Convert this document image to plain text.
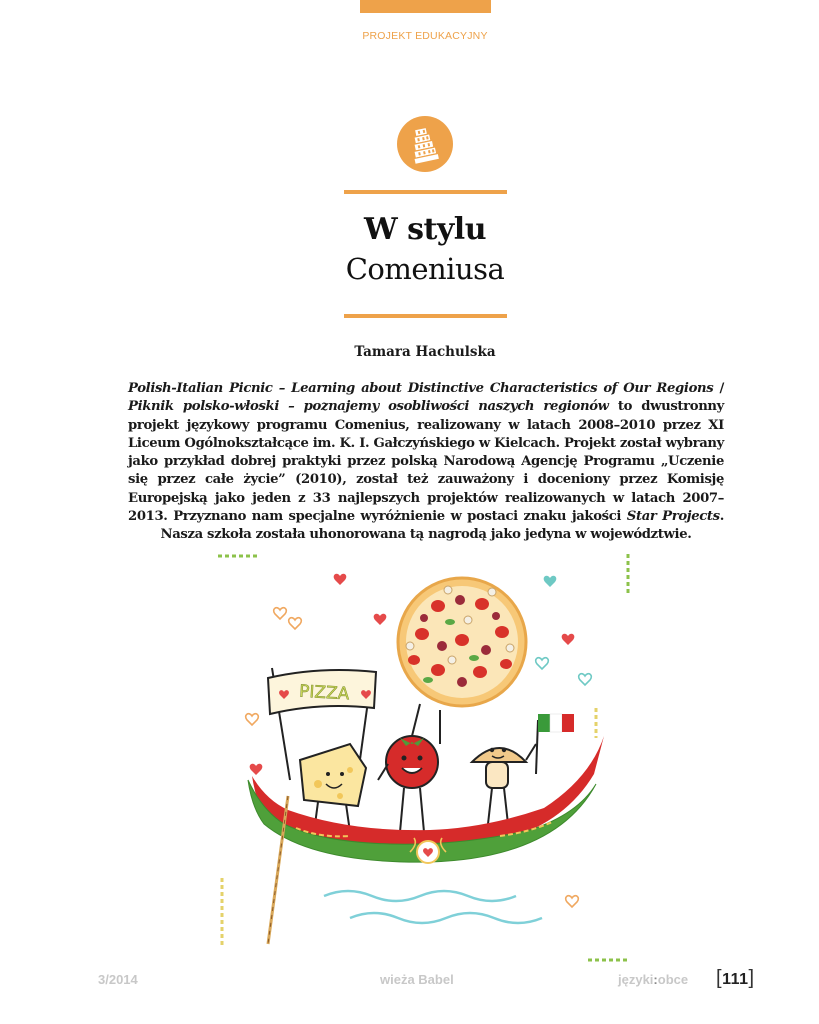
PROJEKT EDUKACYJNY
W stylu
Comeniusa
Tamara Hachulska

Polish-Italian Picnic – Learning about Distinctive Characteristics of Our Regions / Piknik polsko-włoski – poznajemy osobliwości naszych regionów to dwustronny projekt językowy programu Comenius, realizowany w latach 2008–2010 przez XI Liceum Ogólnokształcące im. K. I. Gałczyńskiego w Kielcach. Projekt został wybrany jako przykład dobrej praktyki przez polską Narodową Agencję Programu „Uczenie się przez całe życie” (2010), został też zauważony i doceniony przez Komisję Europejską jako jeden z 33 najlepszych projektów realizowanych w latach 2007–2013. Przyznano nam specjalne wyróżnienie w postaci znaku jakości Star Projects. Nasza szkoła została uhonorowana tą nagrodą jako jedyna w województwie.

PIZZA
3/2014	wieża Babel	języki:obce [111]
